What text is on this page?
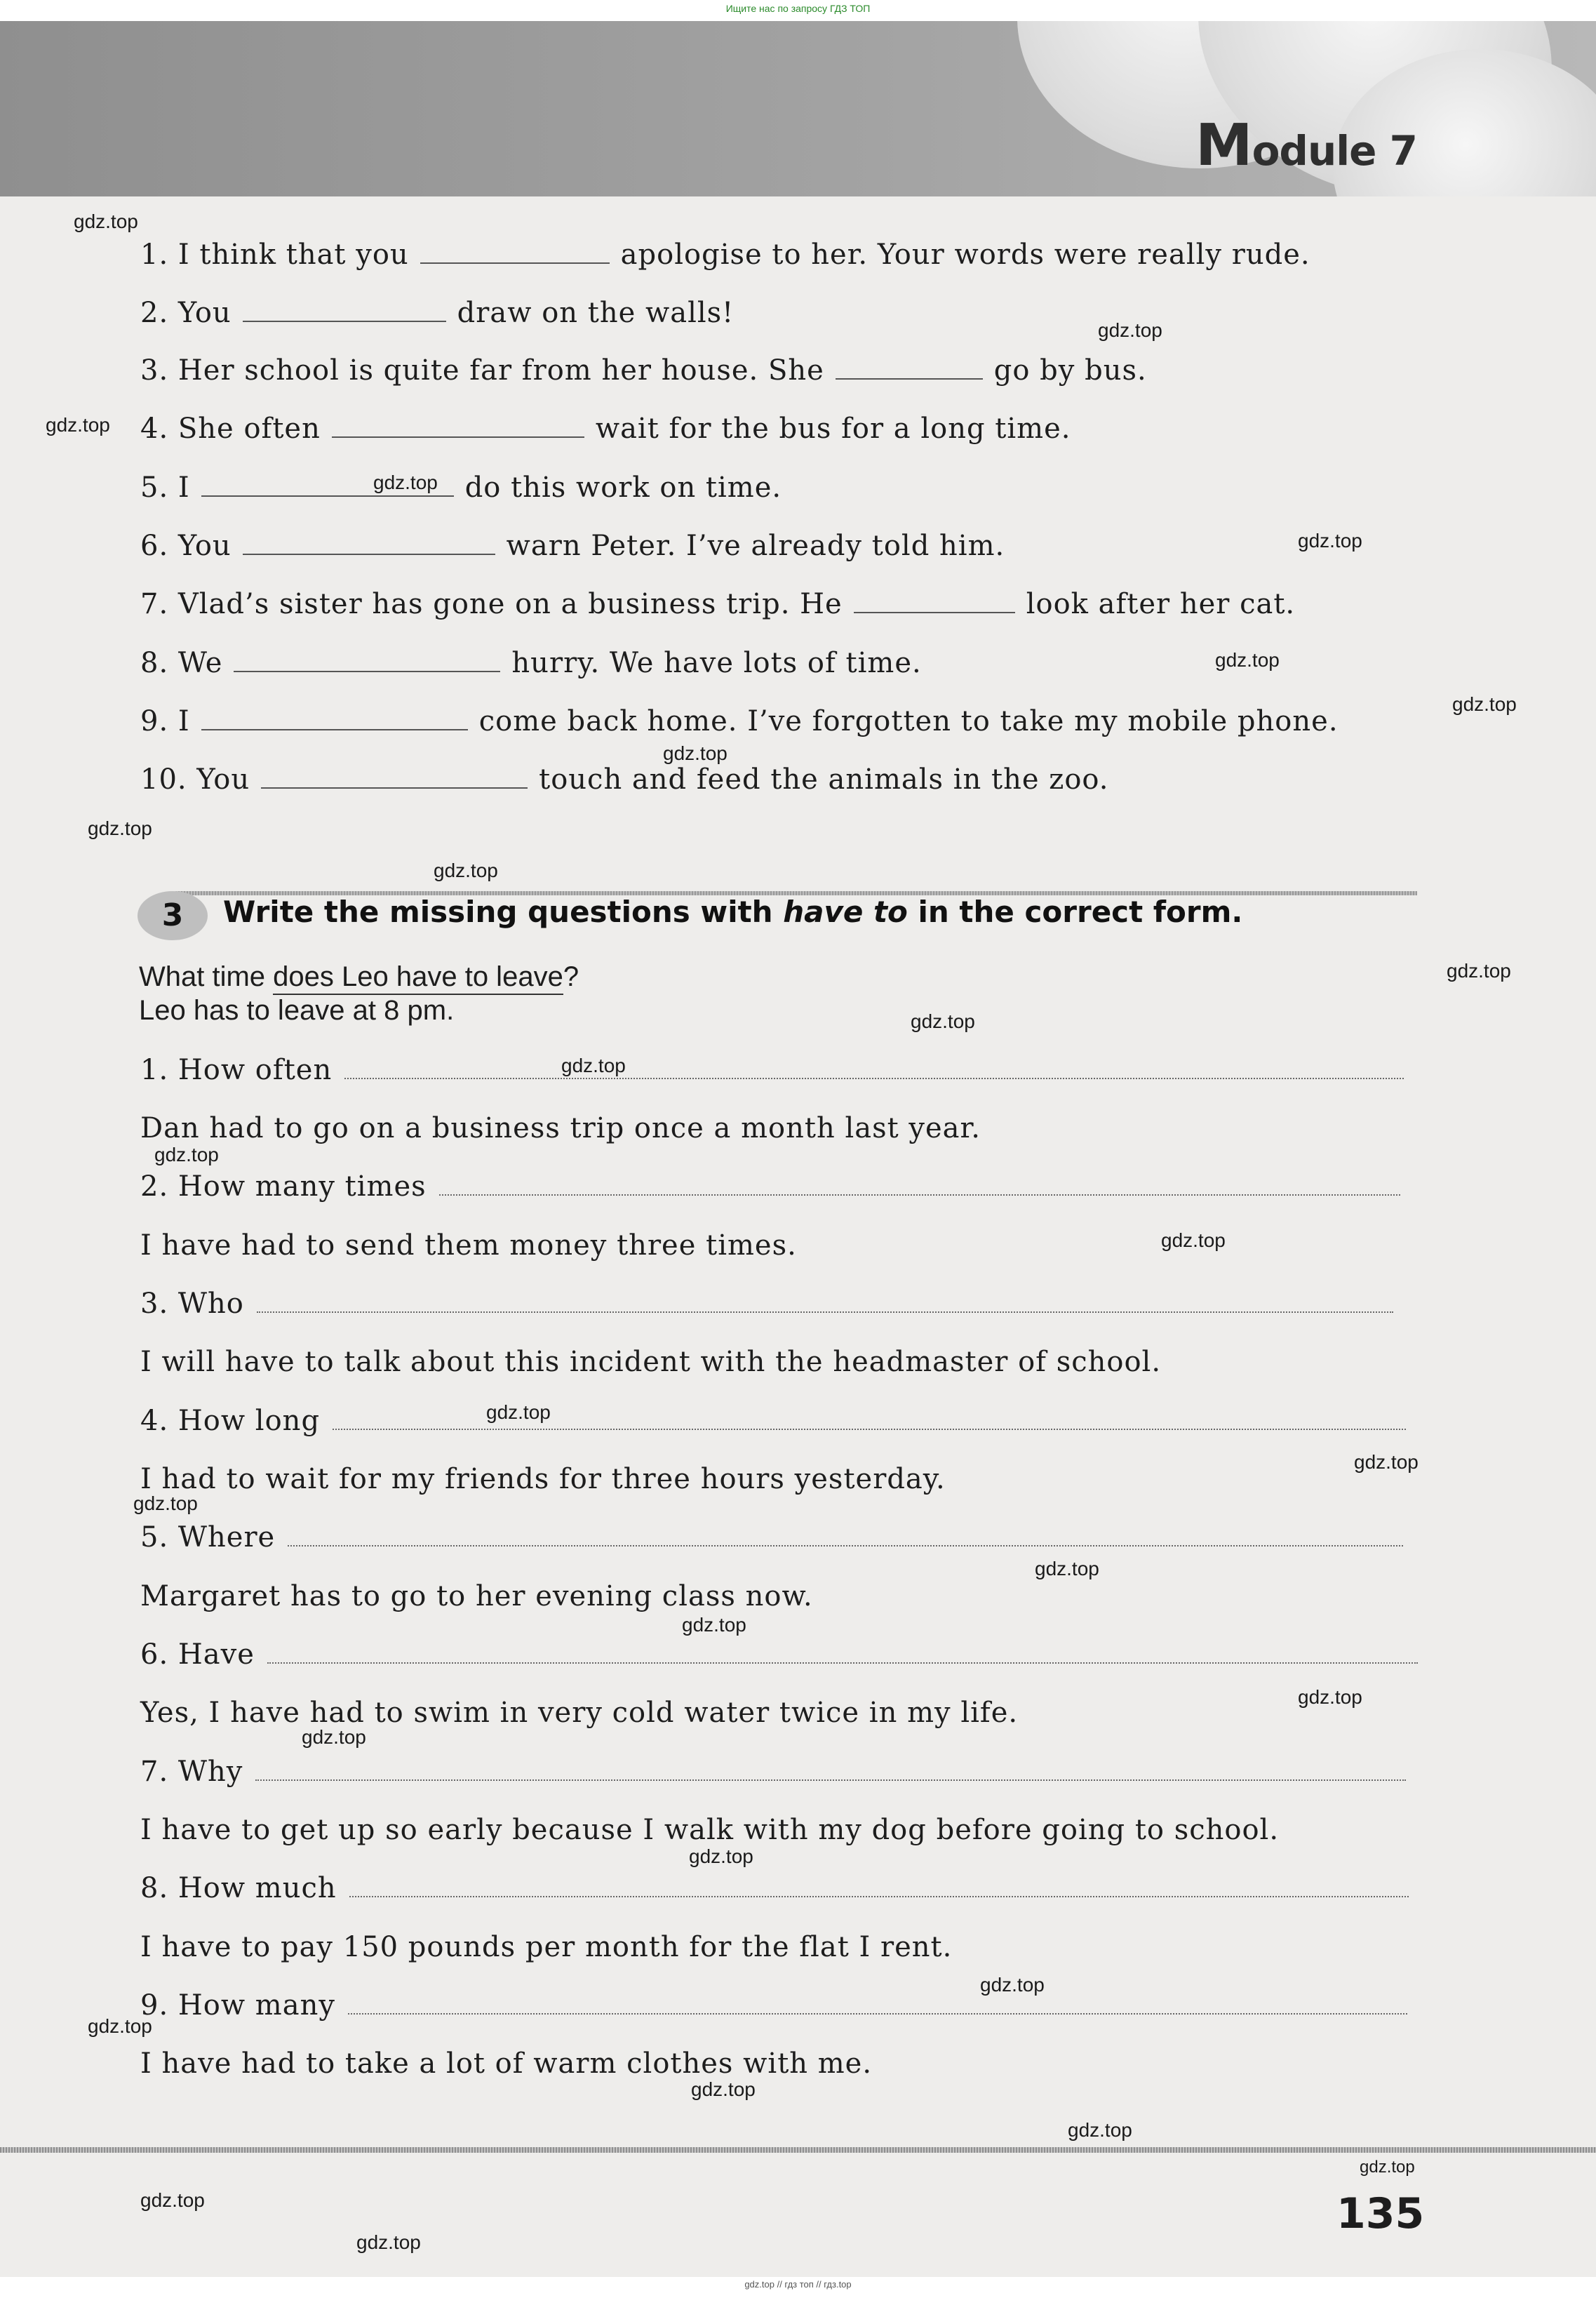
Ищите нас по запросу ГДЗ ТОП
Module 7
1. I think that you	apologise to her. Your words were really rude.
2. You	draw on the walls!
3. Her school is quite far from her house. She	go by bus.
4. She often	wait for the bus for a long time.
5. I	do this work on time.
6. You	warn Peter. I’ve already told him.
7. Vlad’s sister has gone on a business trip. He	look after her cat.
8. We	hurry. We have lots of time.
9. I	come back home. I’ve forgotten to take my mobile phone.
10. You	touch and feed the animals in the zoo.
3	Write the missing questions with have to in the correct form.
What time does Leo have to leave?
Leo has to leave at 8 pm.
1. How often
Dan had to go on a business trip once a month last year.
2. How many times
I have had to send them money three times.
3. Who
I will have to talk about this incident with the headmaster of school.
4. How long
I had to wait for my friends for three hours yesterday.
5. Where
Margaret has to go to her evening class now.
6. Have
Yes, I have had to swim in very cold water twice in my life.
7. Why
I have to get up so early because I walk with my dog before going to school.
8. How much
I have to pay 150 pounds per month for the flat I rent.
9. How many
I have had to take a lot of warm clothes with me.
135
gdz.top
gdz.top
gdz.top
gdz.top
gdz.top
gdz.top
gdz.top
gdz.top
gdz.top
gdz.top
gdz.top
gdz.top
gdz.top
gdz.top
gdz.top
gdz.top
gdz.top
gdz.top
gdz.top
gdz.top
gdz.top
gdz.top
gdz.top
gdz.top
gdz.top
gdz.top
gdz.top
gdz.top
gdz.top
gdz.top
gdz.top // гдз топ // гдз.top
